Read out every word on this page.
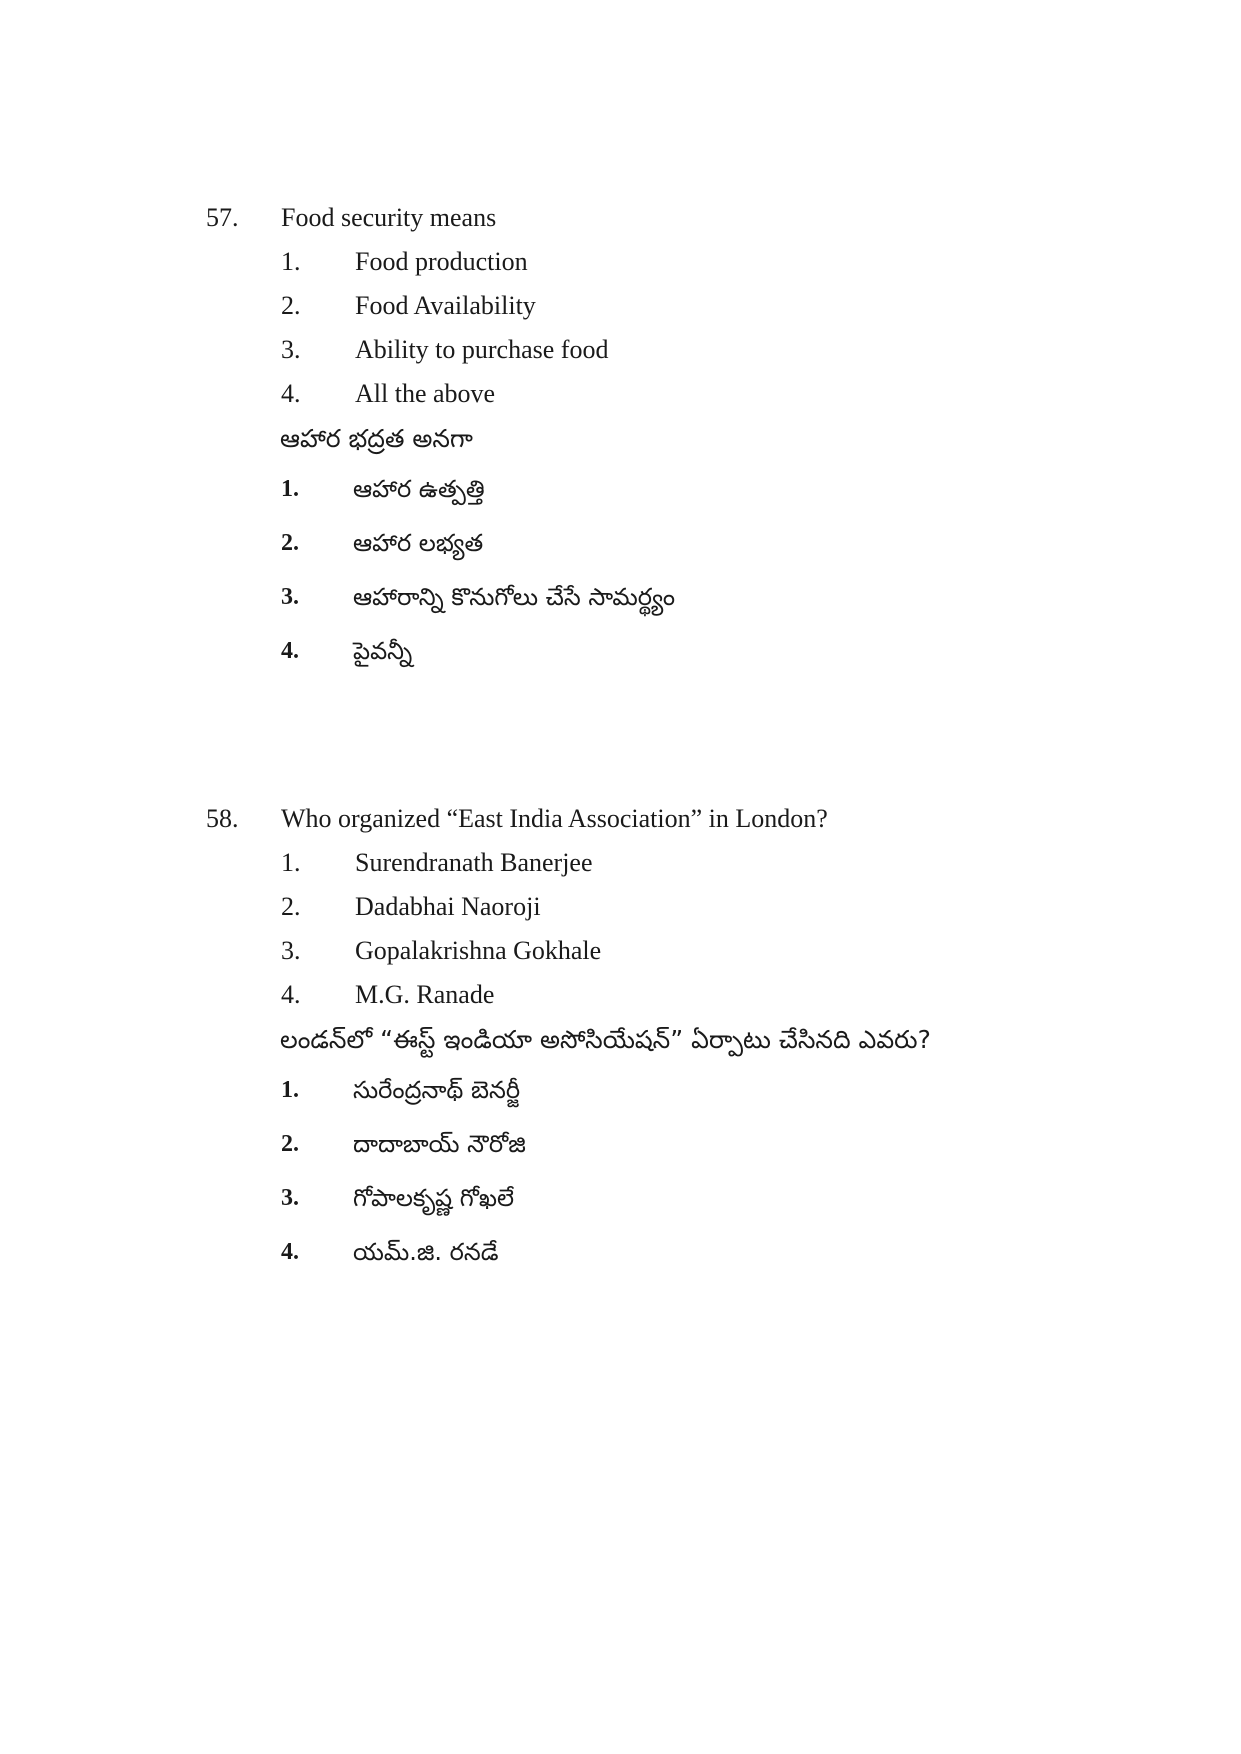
57. Food security means
1. Food production
2. Food Availability
3. Ability to purchase food
4. All the above
ఆహార భద్రత అనగా
1. ఆహార ఉత్పత్తి
2. ఆహార లభ్యత
3. ఆహారాన్ని కొనుగోలు చేసే సామర్థ్యం
4. పైవన్నీ
58. Who organized “East India Association” in London?
1. Surendranath Banerjee
2. Dadabhai Naoroji
3. Gopalakrishna Gokhale
4. M.G. Ranade
లండన్‌లో “ఈస్ట్ ఇండియా అసోసియేషన్” ఏర్పాటు చేసినది ఎవరు?
1. సురేంద్రనాథ్ బెనర్జీ
2. దాదాబాయ్ నౌరోజి
3. గోపాలకృష్ణ గోఖలే
4. యమ్.జి. రనడే
